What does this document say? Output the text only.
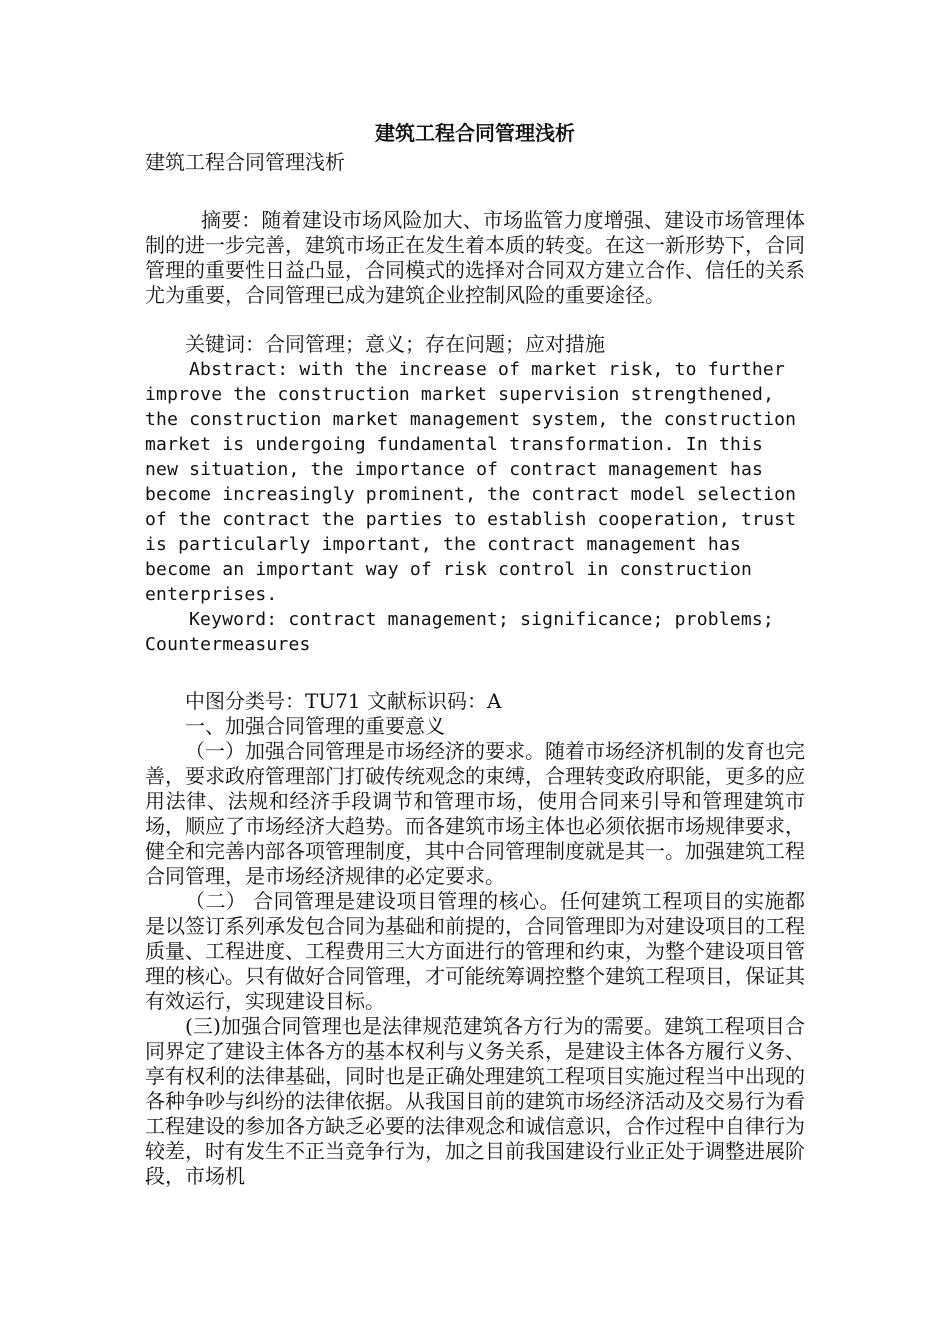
建筑工程合同管理浅析

建筑工程合同管理浅析

摘要：随着建设市场风险加大、市场监管力度增强、建设市场管理体制的进一步完善，建筑市场正在发生着本质的转变。在这一新形势下，合同管理的重要性日益凸显，合同模式的选择对合同双方建立合作、信任的关系尤为重要，合同管理已成为建筑企业控制风险的重要途径。

关键词：合同管理；意义；存在问题；应对措施

Abstract: with the increase of market risk, to further improve the construction market supervision strengthened, the construction market management system, the construction market is undergoing fundamental transformation. In this new situation, the importance of contract management has become increasingly prominent, the contract model selection of the contract the parties to establish cooperation, trust is particularly important, the contract management has become an important way of risk control in construction enterprises.

Keyword: contract management; significance; problems; Countermeasures

中图分类号：TU71 文献标识码：A

一、加强合同管理的重要意义

（一）加强合同管理是市场经济的要求。随着市场经济机制的发育也完善，要求政府管理部门打破传统观念的束缚，合理转变政府职能，更多的应用法律、法规和经济手段调节和管理市场，使用合同来引导和管理建筑市场，顺应了市场经济大趋势。而各建筑市场主体也必须依据市场规律要求，健全和完善内部各项管理制度，其中合同管理制度就是其一。加强建筑工程合同管理，是市场经济规律的必定要求。

（二） 合同管理是建设项目管理的核心。任何建筑工程项目的实施都是以签订系列承发包合同为基础和前提的，合同管理即为对建设项目的工程质量、工程进度、工程费用三大方面进行的管理和约束，为整个建设项目管理的核心。只有做好合同管理，才可能统筹调控整个建筑工程项目，保证其有效运行，实现建设目标。

(三)加强合同管理也是法律规范建筑各方行为的需要。建筑工程项目合同界定了建设主体各方的基本权利与义务关系，是建设主体各方履行义务、享有权利的法律基础，同时也是正确处理建筑工程项目实施过程当中出现的各种争吵与纠纷的法律依据。从我国目前的建筑市场经济活动及交易行为看工程建设的参加各方缺乏必要的法律观念和诚信意识，合作过程中自律行为较差，时有发生不正当竞争行为，加之目前我国建设行业正处于调整进展阶段，市场机
